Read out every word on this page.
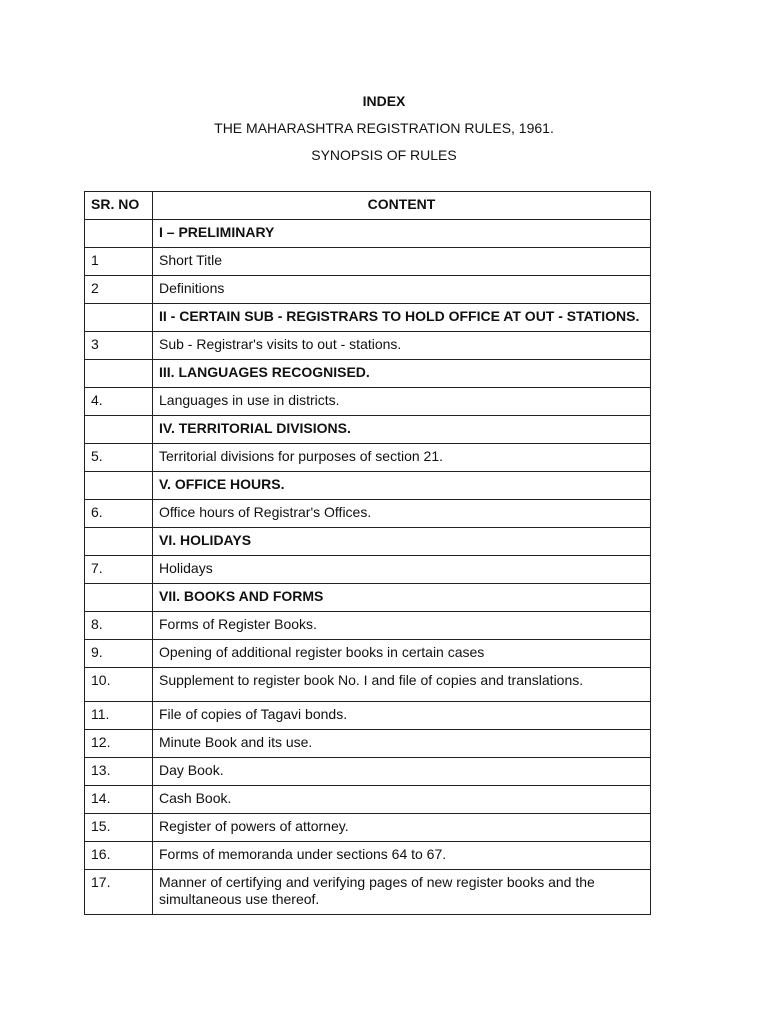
INDEX
THE MAHARASHTRA REGISTRATION RULES, 1961.
SYNOPSIS OF RULES
SR. NO	CONTENT
	I – PRELIMINARY
1	Short Title
2	Definitions
	II - CERTAIN SUB - REGISTRARS TO HOLD OFFICE AT OUT - STATIONS.
3	Sub - Registrar's visits to out - stations.
	III. LANGUAGES RECOGNISED.
4.	Languages in use in districts.
	IV. TERRITORIAL DIVISIONS.
5.	Territorial divisions for purposes of section 21.
	V. OFFICE HOURS.
6.	Office hours of Registrar's Offices.
	VI. HOLIDAYS
7.	Holidays
	VII. BOOKS AND FORMS
8.	Forms of Register Books.
9.	Opening of additional register books in certain cases
10.	Supplement to register book No. I and file of copies and translations.
11.	File of copies of Tagavi bonds.
12.	Minute Book and its use.
13.	Day Book.
14.	Cash Book.
15.	Register of powers of attorney.
16.	Forms of memoranda under sections 64 to 67.
17.	Manner of certifying and verifying pages of new register books and the simultaneous use thereof.
